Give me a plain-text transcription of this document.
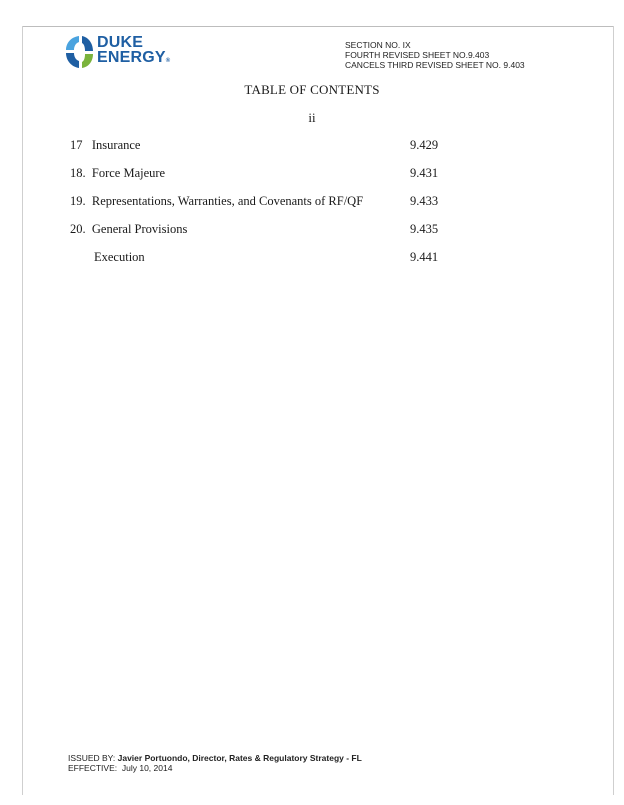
DUKE
ENERGY®
SECTION NO. IX
FOURTH REVISED SHEET NO.9.403
CANCELS THIRD REVISED SHEET NO. 9.403
TABLE OF CONTENTS
ii
17   Insurance	9.429
18.  Force Majeure	9.431
19.  Representations, Warranties, and Covenants of RF/QF	9.433
20.  General Provisions	9.435
Execution	9.441
ISSUED BY: Javier Portuondo, Director, Rates & Regulatory Strategy - FL
EFFECTIVE: July 10, 2014
